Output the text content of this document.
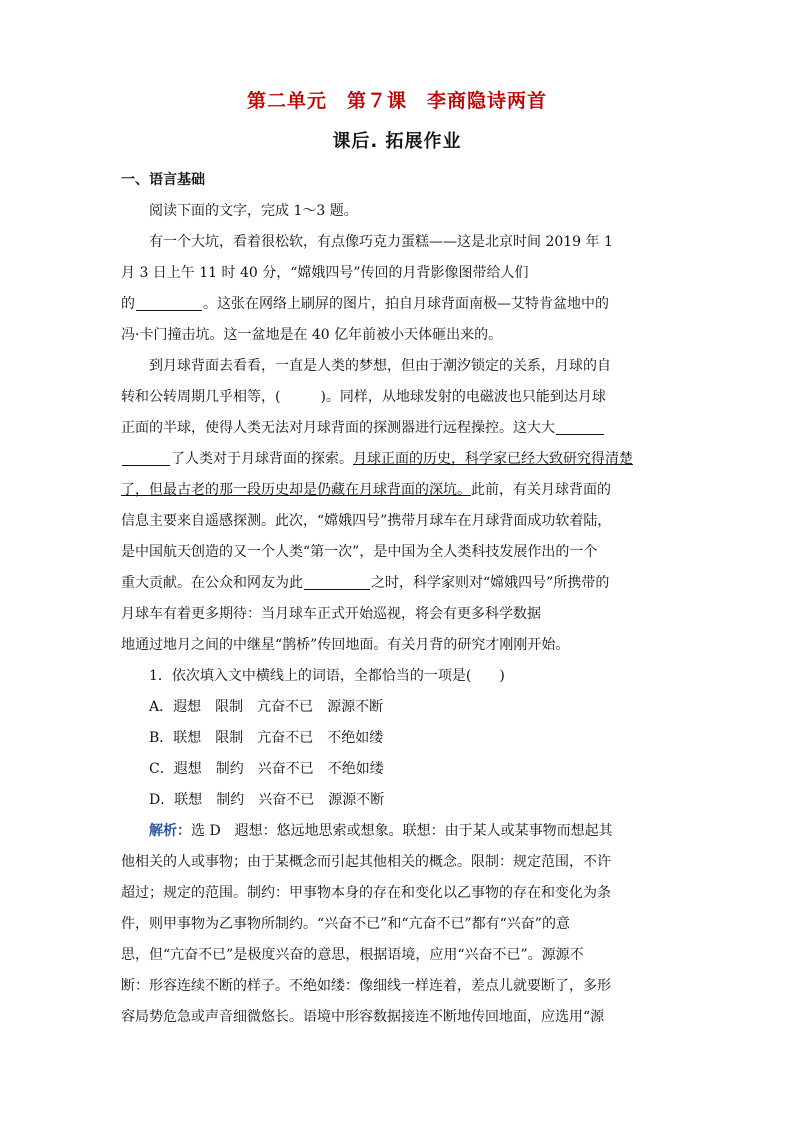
第二单元　第７课　李商隐诗两首
课后. 拓展作业
一、语言基础
阅读下面的文字，完成 1～3 题。
有一个大坑，看着很松软，有点像巧克力蛋糕——这是北京时间 2019 年 1
月 3 日上午 11 时 40 分，“嫦娥四号”传回的月背影像图带给人们
的	。这张在网络上刷屏的图片，拍自月球背面南极—艾特肯盆地中的
冯·卡门撞击坑。这一盆地是在 40 亿年前被小天体砸出来的。
到月球背面去看看，一直是人类的梦想，但由于潮汐锁定的关系，月球的自
转和公转周期几乎相等，(	)。同样，从地球发射的电磁波也只能到达月球
正面的半球，使得人类无法对月球背面的探测器进行远程操控。这大大
了人类对于月球背面的探索。月球正面的历史，科学家已经大致研究得清楚
了，但最古老的那一段历史却是仍藏在月球背面的深坑。此前，有关月球背面的
信息主要来自遥感探测。此次，“嫦娥四号”携带月球车在月球背面成功软着陆，
是中国航天创造的又一个人类“第一次”，是中国为全人类科技发展作出的一个
重大贡献。在公众和网友为此	之时，科学家则对“嫦娥四号”所携带的
月球车有着更多期待：当月球车正式开始巡视，将会有更多科学数据
地通过地月之间的中继星“鹊桥”传回地面。有关月背的研究才刚刚开始。
1．依次填入文中横线上的词语，全都恰当的一项是(　　)
A．遐想　限制　亢奋不已　源源不断
B．联想　限制　亢奋不已　不绝如缕
C．遐想　制约　兴奋不已　不绝如缕
D．联想　制约　兴奋不已　源源不断
解析：选 D　遐想：悠远地思索或想象。联想：由于某人或某事物而想起其
他相关的人或事物；由于某概念而引起其他相关的概念。限制：规定范围，不许
超过；规定的范围。制约：甲事物本身的存在和变化以乙事物的存在和变化为条
件，则甲事物为乙事物所制约。“兴奋不已”和“亢奋不已”都有“兴奋”的意
思，但“亢奋不已”是极度兴奋的意思，根据语境，应用“兴奋不已”。源源不
断：形容连续不断的样子。不绝如缕：像细线一样连着，差点儿就要断了，多形
容局势危急或声音细微悠长。语境中形容数据接连不断地传回地面，应选用“源
